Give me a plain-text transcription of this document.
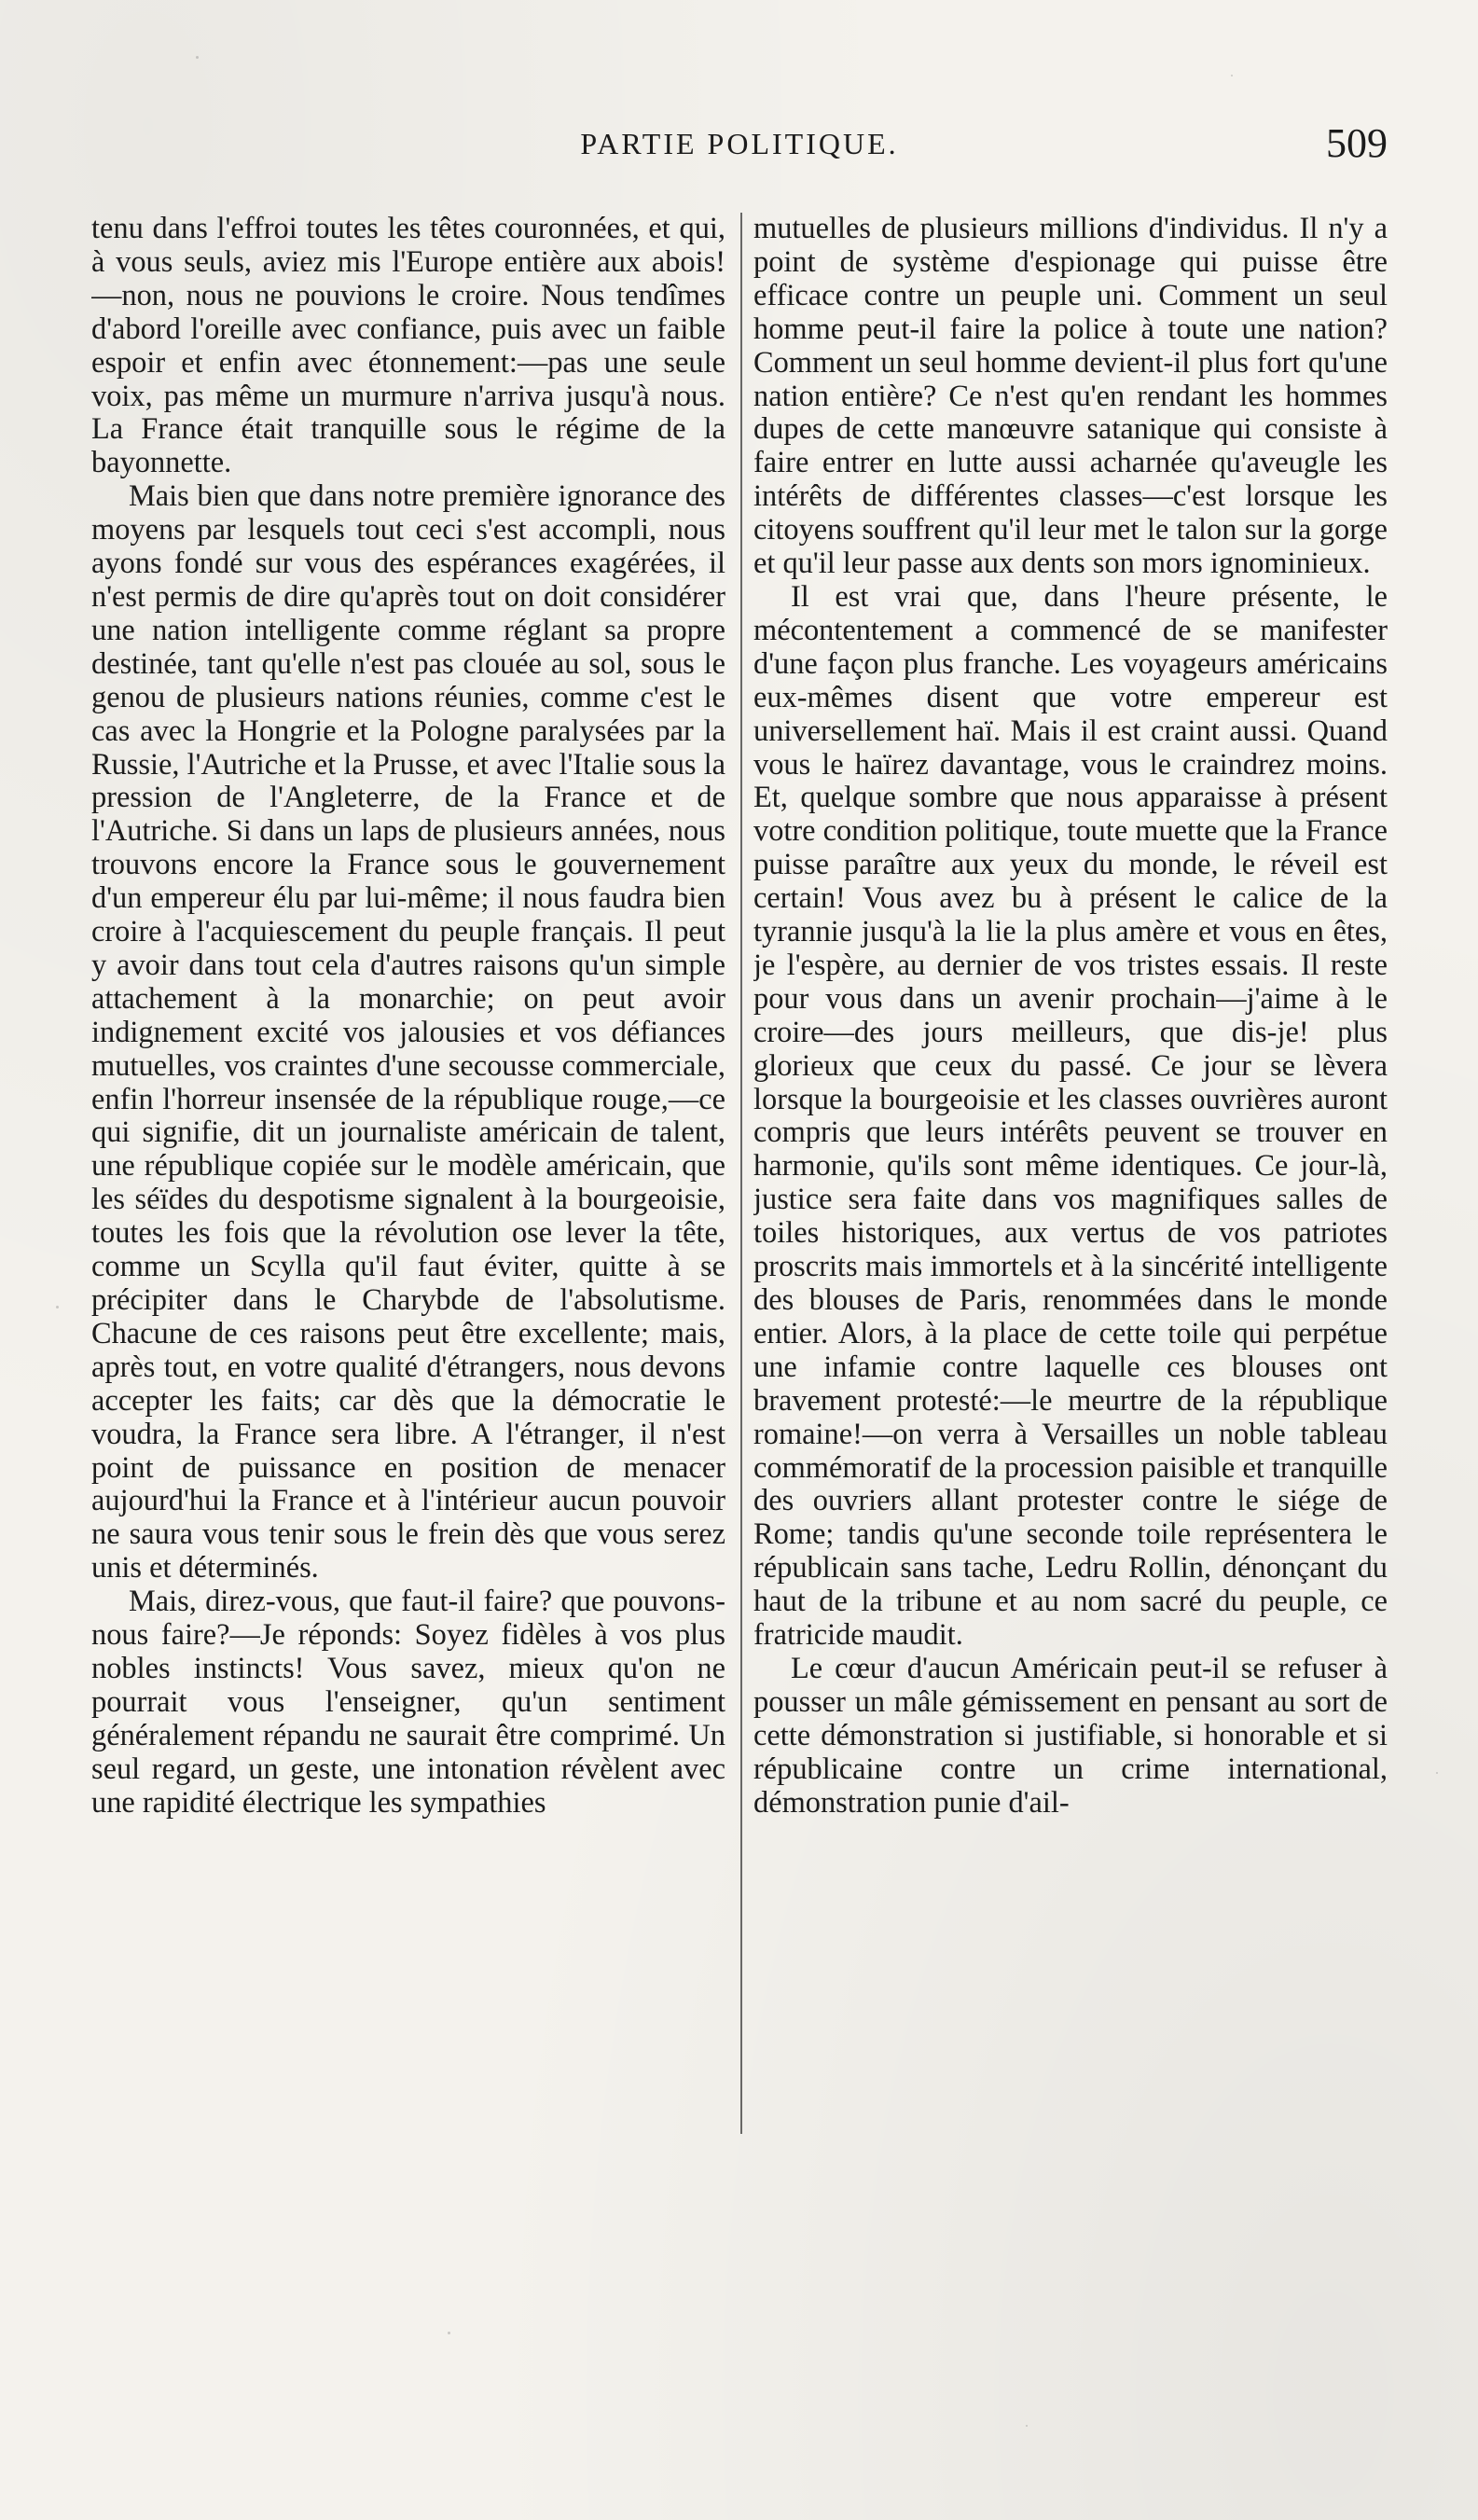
PARTIE POLITIQUE.	509

tenu dans l'effroi toutes les têtes couronnées, et qui, à vous seuls, aviez mis l'Europe entière aux abois!—non, nous ne pouvions le croire. Nous tendîmes d'abord l'oreille avec confiance, puis avec un faible espoir et enfin avec étonnement:—pas une seule voix, pas même un murmure n'arriva jusqu'à nous. La France était tranquille sous le régime de la bayonnette.

Mais bien que dans notre première ignorance des moyens par lesquels tout ceci s'est accompli, nous ayons fondé sur vous des espérances exagérées, il n'est permis de dire qu'après tout on doit considérer une nation intelligente comme réglant sa propre destinée, tant qu'elle n'est pas clouée au sol, sous le genou de plusieurs nations réunies, comme c'est le cas avec la Hongrie et la Pologne paralysées par la Russie, l'Autriche et la Prusse, et avec l'Italie sous la pression de l'Angleterre, de la France et de l'Autriche. Si dans un laps de plusieurs années, nous trouvons encore la France sous le gouvernement d'un empereur élu par lui-même; il nous faudra bien croire à l'acquiescement du peuple français. Il peut y avoir dans tout cela d'autres raisons qu'un simple attachement à la monarchie; on peut avoir indignement excité vos jalousies et vos défiances mutuelles, vos craintes d'une secousse commerciale, enfin l'horreur insensée de la république rouge,—ce qui signifie, dit un journaliste américain de talent, une république copiée sur le modèle américain, que les séïdes du despotisme signalent à la bourgeoisie, toutes les fois que la révolution ose lever la tête, comme un Scylla qu'il faut éviter, quitte à se précipiter dans le Charybde de l'absolutisme. Chacune de ces raisons peut être excellente; mais, après tout, en votre qualité d'étrangers, nous devons accepter les faits; car dès que la démocratie le voudra, la France sera libre. A l'étranger, il n'est point de puissance en position de menacer aujourd'hui la France et à l'intérieur aucun pouvoir ne saura vous tenir sous le frein dès que vous serez unis et déterminés.

Mais, direz-vous, que faut-il faire? que pouvons-nous faire?—Je réponds: Soyez fidèles à vos plus nobles instincts! Vous savez, mieux qu'on ne pourrait vous l'enseigner, qu'un sentiment généralement répandu ne saurait être comprimé. Un seul regard, un geste, une intonation révèlent avec une rapidité électrique les sympathies

mutuelles de plusieurs millions d'individus. Il n'y a point de système d'espionage qui puisse être efficace contre un peuple uni. Comment un seul homme peut-il faire la police à toute une nation? Comment un seul homme devient-il plus fort qu'une nation entière? Ce n'est qu'en rendant les hommes dupes de cette manœuvre satanique qui consiste à faire entrer en lutte aussi acharnée qu'aveugle les intérêts de différentes classes—c'est lorsque les citoyens souffrent qu'il leur met le talon sur la gorge et qu'il leur passe aux dents son mors ignominieux.

Il est vrai que, dans l'heure présente, le mécontentement a commencé de se manifester d'une façon plus franche. Les voyageurs américains eux-mêmes disent que votre empereur est universellement haï. Mais il est craint aussi. Quand vous le haïrez davantage, vous le craindrez moins. Et, quelque sombre que nous apparaisse à présent votre condition politique, toute muette que la France puisse paraître aux yeux du monde, le réveil est certain! Vous avez bu à présent le calice de la tyrannie jusqu'à la lie la plus amère et vous en êtes, je l'espère, au dernier de vos tristes essais. Il reste pour vous dans un avenir prochain—j'aime à le croire—des jours meilleurs, que dis-je! plus glorieux que ceux du passé. Ce jour se lèvera lorsque la bourgeoisie et les classes ouvrières auront compris que leurs intérêts peuvent se trouver en harmonie, qu'ils sont même identiques. Ce jour-là, justice sera faite dans vos magnifiques salles de toiles historiques, aux vertus de vos patriotes proscrits mais immortels et à la sincérité intelligente des blouses de Paris, renommées dans le monde entier. Alors, à la place de cette toile qui perpétue une infamie contre laquelle ces blouses ont bravement protesté:—le meurtre de la république romaine!—on verra à Versailles un noble tableau commémoratif de la procession paisible et tranquille des ouvriers allant protester contre le siége de Rome; tandis qu'une seconde toile représentera le républicain sans tache, Ledru Rollin, dénonçant du haut de la tribune et au nom sacré du peuple, ce fratricide maudit.

Le cœur d'aucun Américain peut-il se refuser à pousser un mâle gémissement en pensant au sort de cette démonstration si justifiable, si honorable et si républicaine contre un crime international, démonstration punie d'ail-
